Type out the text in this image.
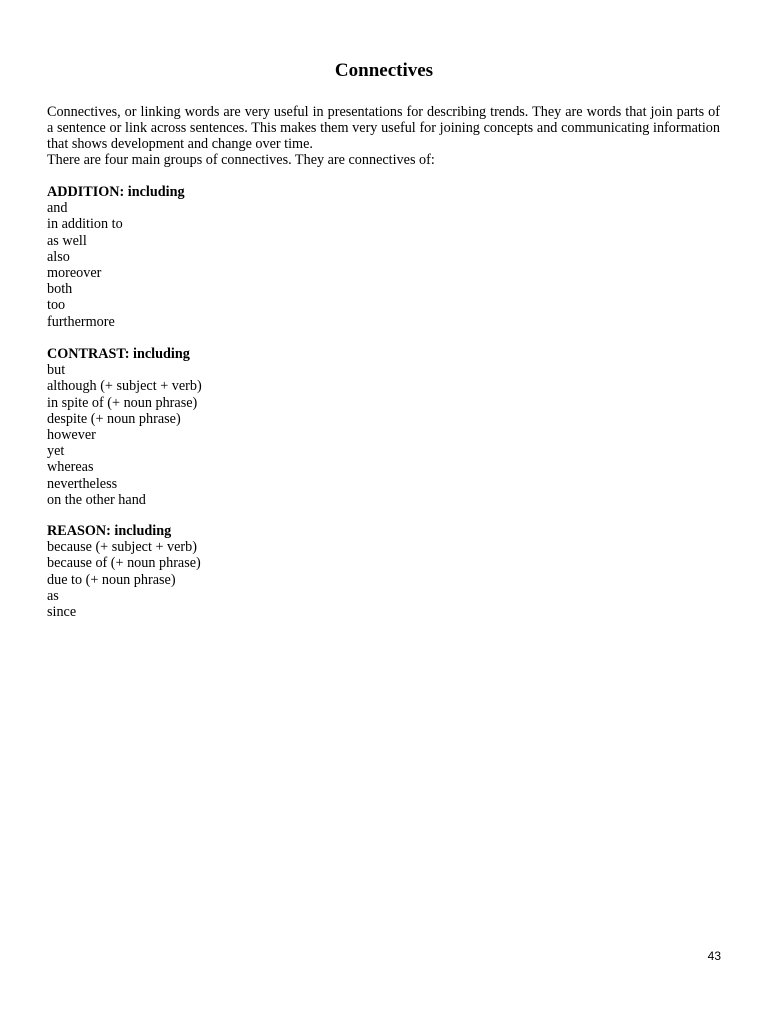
Connectives

Connectives, or linking words are very useful in presentations for describing trends. They are words that join parts of a sentence or link across sentences. This makes them very useful for joining concepts and communicating information that shows development and change over time.

There are four main groups of connectives. They are connectives of:

ADDITION: including
and
in addition to
as well
also
moreover
both
too
furthermore
CONTRAST: including
but
although (+ subject + verb)
in spite of (+ noun phrase)
despite (+ noun phrase)
however
yet
whereas
nevertheless
on the other hand
REASON: including
because (+ subject + verb)
because of (+ noun phrase)
due to (+ noun phrase)
as
since
43
